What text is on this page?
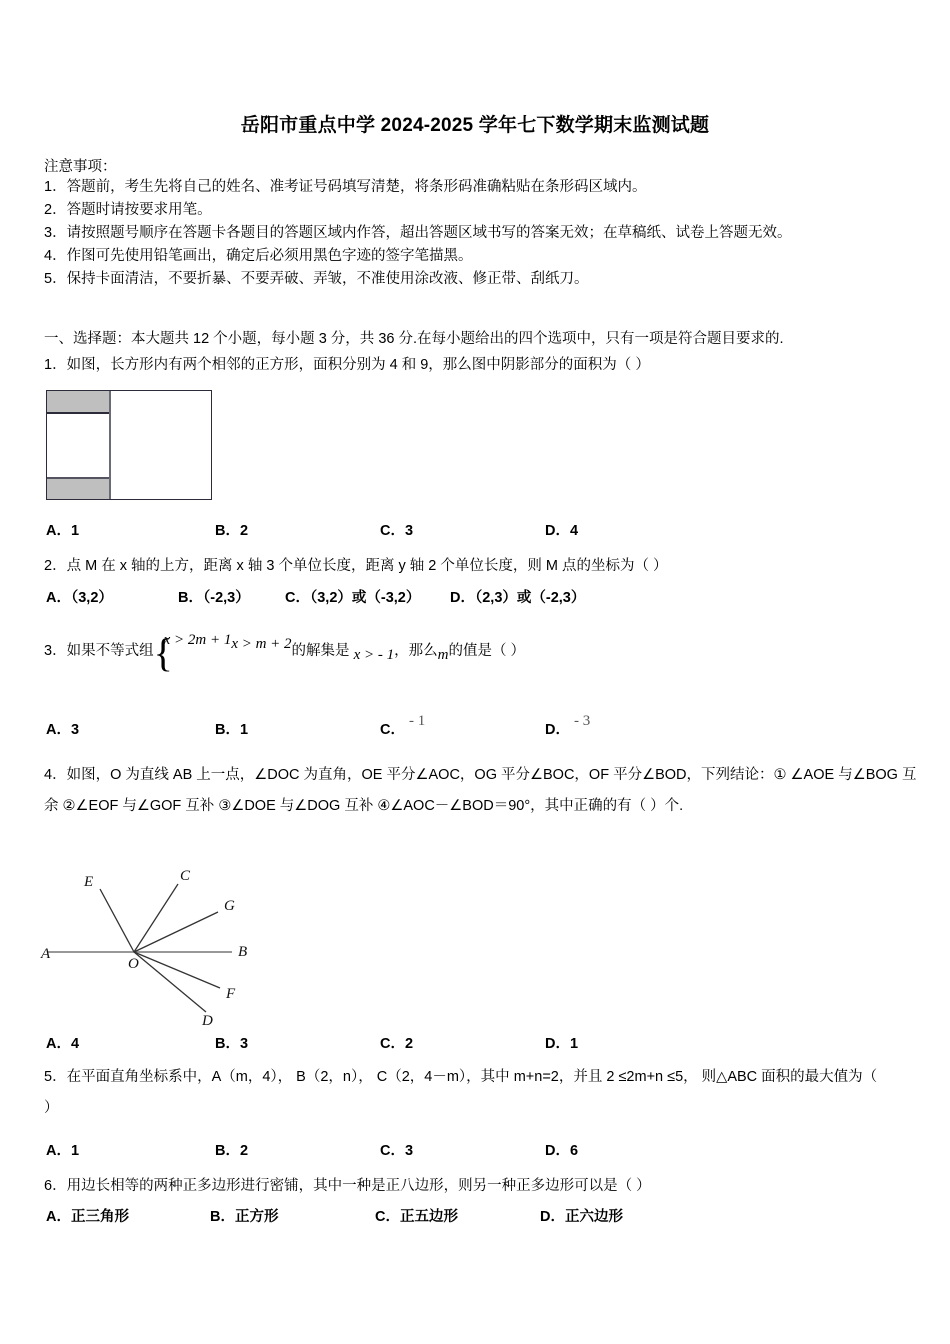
岳阳市重点中学 2024-2025 学年七下数学期末监测试题
注意事项：
1．答题前，考生先将自己的姓名、准考证号码填写清楚，将条形码准确粘贴在条形码区域内。
2．答题时请按要求用笔。
3．请按照题号顺序在答题卡各题目的答题区域内作答，超出答题区域书写的答案无效；在草稿纸、试卷上答题无效。
4．作图可先使用铅笔画出，确定后必须用黑色字迹的签字笔描黑。
5．保持卡面清洁，不要折暴、不要弄破、弄皱，不准使用涂改液、修正带、刮纸刀。
一、选择题：本大题共 12 个小题，每小题 3 分，共 36 分.在每小题给出的四个选项中，只有一项是符合题目要求的.
1．如图，长方形内有两个相邻的正方形，面积分别为 4 和 9，那么图中阴影部分的面积为（ ）
A．1	B．2	C．3	D．4
2．点 M 在 x 轴的上方，距离 x 轴 3 个单位长度，距离 y 轴 2 个单位长度，则 M 点的坐标为（ ）
A．（3,2）	B．（-2,3） C．（3,2）或（-3,2） D．（2,3）或（-2,3）
3．如果不等式组 {
x > 2m + 1x > m + 2的解集是 x > - 1，那么m的值是（ ）
A．3	B．1	C．- 1
D．- 3
4．如图，O 为直线 AB 上一点，∠DOC 为直角，OE 平分∠AOC，OG 平分∠BOC，OF 平分∠BOD，下列结论：① ∠AOE 与∠BOG 互余 ②∠EOF 与∠GOF 互补 ③∠DOE 与∠DOG 互补 ④∠AOC－∠BOD＝90°，其中正确的有（ ）个.
E	C
G
A	B
O
F
D
A．4	B．3	C．2	D．1
5．在平面直角坐标系中，A（m，4）， B（2，n）， C（2，4－m），其中 m+n=2，并且 2 ≤2m+n ≤5， 则△ABC 面积的最大值为（ ）
A．1	B．2	C．3	D．6
6．用边长相等的两种正多边形进行密铺，其中一种是正八边形，则另一种正多边形可以是（ ）
A．正三角形	B．正方形	C．正五边形	D．正六边形
